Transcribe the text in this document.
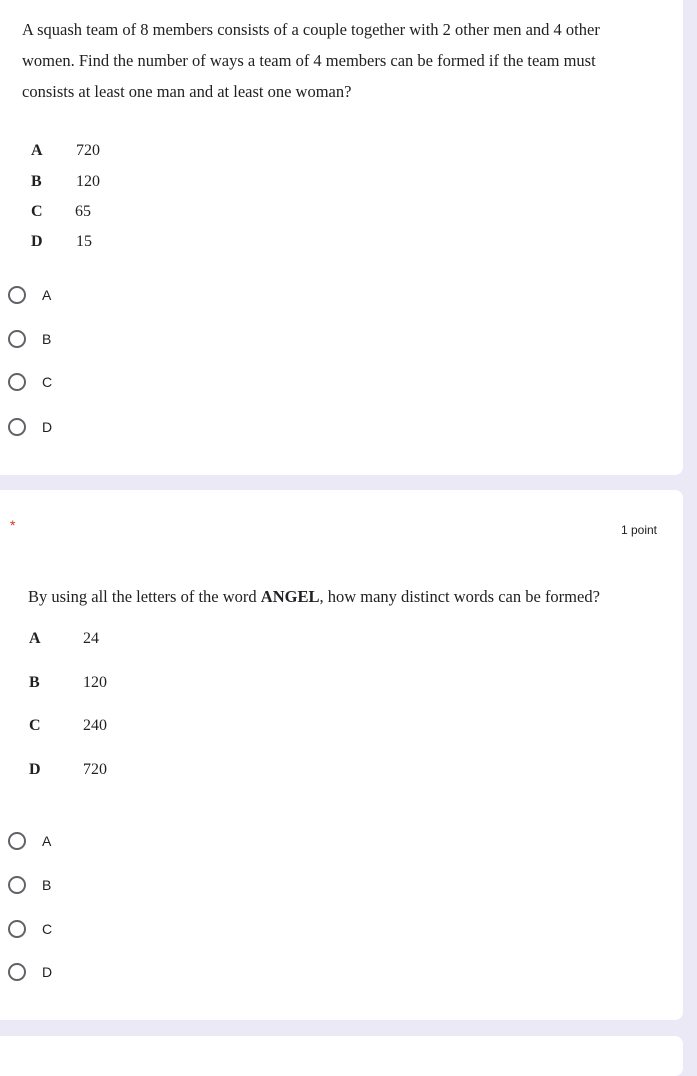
A squash team of 8 members consists of a couple together with 2 other men and 4 other women. Find the number of ways a team of 4 members can be formed if the team must consists at least one man and at least one woman?
A 720
B 120
C 65
D 15
A
B
C
D
*	1 point
By using all the letters of the word ANGEL, how many distinct words can be formed?
A	24
B	120
C	240
D	720
A
B
C
D
